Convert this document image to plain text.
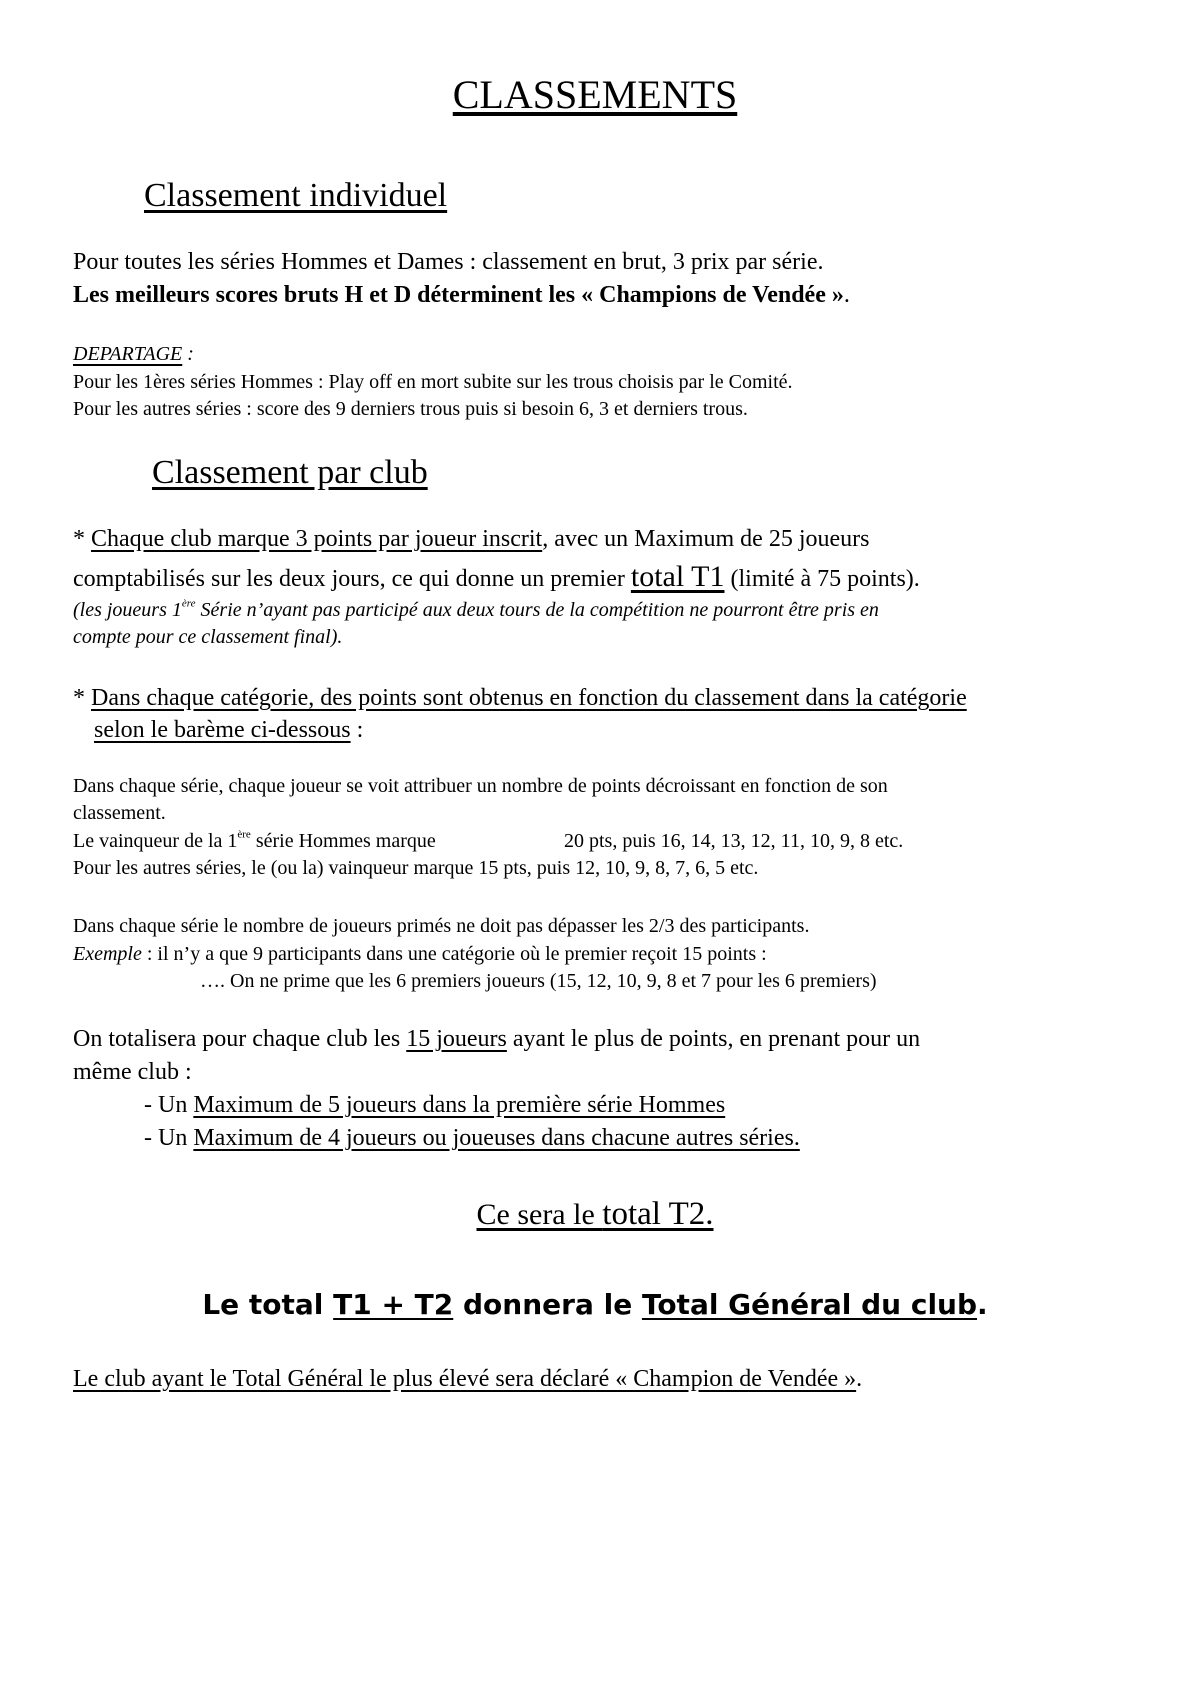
CLASSEMENTS
Classement individuel
Pour toutes les séries Hommes et Dames : classement en brut, 3 prix par série.
Les meilleurs scores bruts H et D déterminent les « Champions de Vendée ».
DEPARTAGE :
Pour les 1ères séries Hommes : Play off en mort subite sur les trous choisis par le Comité.
Pour les autres séries : score des 9 derniers trous puis si besoin 6, 3 et derniers trous.
Classement par club
* Chaque club marque 3 points par joueur inscrit, avec un Maximum de 25 joueurs
comptabilisés sur les deux jours, ce qui donne un premier total T1 (limité à 75 points).
(les joueurs 1ère Série n’ayant pas participé aux deux tours de la compétition ne pourront être pris en
compte pour ce classement final).
* Dans chaque catégorie, des points sont obtenus en fonction du classement dans la catégorie
selon le barème ci-dessous :
Dans chaque série, chaque joueur se voit attribuer un nombre de points décroissant en fonction de son
classement.
Le vainqueur de la 1ère série Hommes marque	20 pts, puis 16, 14, 13, 12, 11, 10, 9, 8 etc.
Pour les autres séries, le (ou la) vainqueur marque 15 pts, puis 12, 10, 9, 8, 7, 6, 5 etc.
Dans chaque série le nombre de joueurs primés ne doit pas dépasser les 2/3 des participants.
Exemple : il n’y a que 9 participants dans une catégorie où le premier reçoit 15 points :
…. On ne prime que les 6 premiers joueurs (15, 12, 10, 9, 8 et 7 pour les 6 premiers)
On totalisera pour chaque club les 15 joueurs ayant le plus de points, en prenant pour un
même club :
- Un Maximum de 5 joueurs dans la première série Hommes
- Un Maximum de 4 joueurs ou joueuses dans chacune autres séries.
Ce sera le total T2.
Le total T1 + T2 donnera le Total Général du club.
Le club ayant le Total Général le plus élevé sera déclaré « Champion de Vendée ».
